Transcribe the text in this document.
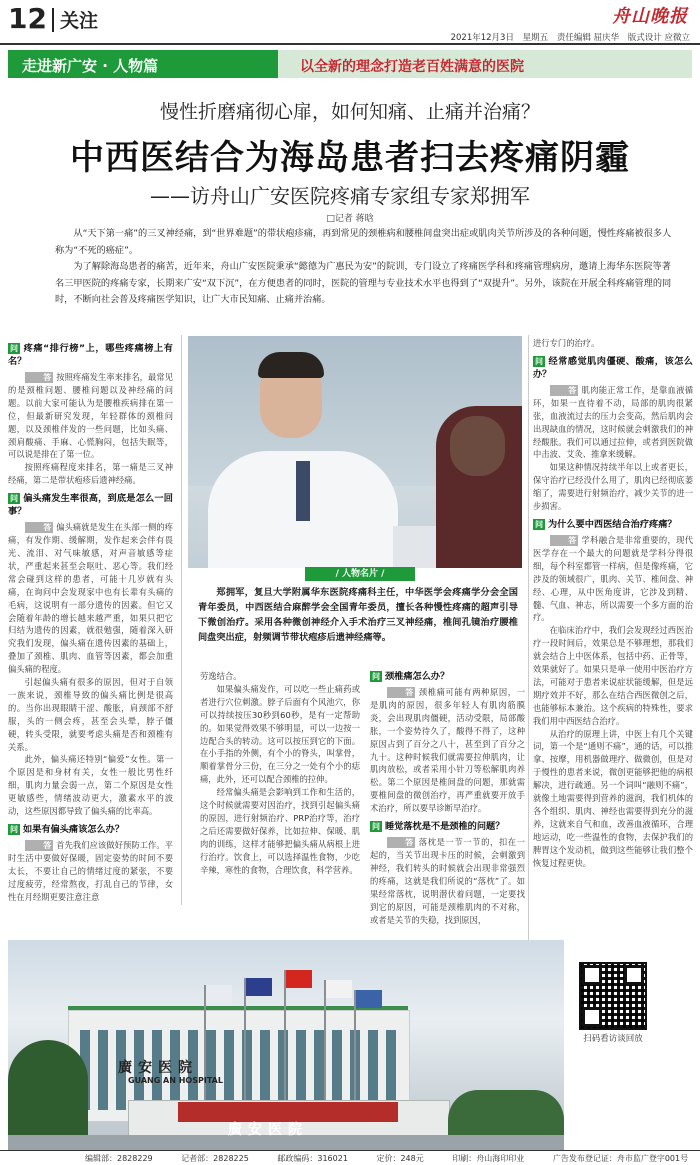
12 关注	舟山晚报
2021年12月3日 星期五 责任编辑 屈庆华 版式设计 应微立
走进新广安 · 人物篇	以全新的理念打造老百姓满意的医院
慢性折磨痛彻心扉，如何知痛、止痛并治痛？
中西医结合为海岛患者扫去疼痛阴霾
——访舟山广安医院疼痛专家组专家郑拥军
□记者 蒋晗

从“天下第一痛”的三叉神经痛，到“世界难题”的带状疱疹痛，再到常见的颈椎病和腰椎间盘突出症或肌肉关节所涉及的各种问题，慢性疼痛被很多人称为“不死的癌症”。

为了解除海岛患者的痛苦，近年来，舟山广安医院秉承“懿德为广惠民为安”的院训，专门设立了疼痛医学科和疼痛管理病房，邀请上海华东医院等著名三甲医院的疼痛专家，长期来广安“双下沉”，在方便患者的同时，医院的管理与专业技术水平也得到了“双提升”。另外，该院在开展全科疼痛管理的同时，不断向社会普及疼痛医学知识，让广大市民知痛、止痛并治痛。

问 疼痛“排行榜”上，哪些疼痛榜上有名？

答 按照疼痛发生率来排名，最常见的是颈椎问题、腰椎问题以及神经痛的问题。以前大家可能认为是腰椎疾病排在第一位，但最新研究发现，年轻群体的颈椎问题，以及颈椎伴发的一些问题，比如头痛、颈肩酸痛、手麻、心慌胸闷，包括失眠等，可以说是排在了第一位。

按照疼痛程度来排名，第一痛是三叉神经痛，第二是带状疱疹后遗神经痛。

问 偏头痛发生率很高，到底是怎么一回事？

答 偏头痛就是发生在头部一侧的疼痛，有发作期、缓解期，发作起来会伴有畏光、流泪、对气味敏感，对声音敏感等症状，严重起来甚至会呕吐、恶心等。我们经常会碰到这样的患者，可能十几岁就有头痛，在询问中会发现家中也有长辈有头痛的毛病，这说明有一部分遗传的因素。但它又会随着年龄的增长越来越严重，如果只把它归结为遗传的因素，就很勉强，随着深入研究我们发现，偏头痛在遗传因素的基础上，叠加了颈椎、肌肉、血管等因素，都会加重偏头痛的程度。

引起偏头痛有很多的原因，但对于自领一族来说，颈椎导致的偏头痛比例是很高的。当你出现眼睛干涩、酸胀，肩颈部不舒服，头的一侧会疼，甚至会头晕，脖子僵硬，转头受限，就要考虑头痛是否和颈椎有关系。

此外，偏头痛还特别“偏爱”女性。第一个原因是和身材有关，女性一般比男性纤细，肌肉力量会弱一点，第二个原因是女性更敏感些，情绪波动更大，激素水平的波动，这些原因都导致了偏头痛的比率高。

问 如果有偏头痛该怎么办？

答 首先我们应该做好预防工作。平时生活中要做好保暖，固定姿势的时间不要太长，不要让自己的情绪过度的紧张，不要过度疲劳，经常熬夜，打乱自己的节律，女性在月经期更要注意注意

/ 人物名片 /

郑拥军，复旦大学附属华东医院疼痛科主任，中华医学会疼痛学分会全国青年委员，中西医结合麻醉学会全国青年委员，擅长各种慢性疼痛的超声引导下微创治疗。采用各种微创神经介入手术治疗三叉神经痛，椎间孔镜治疗腰椎间盘突出症，射频调节带状疱疹后遗神经痛等。

劳逸结合。

如果偏头痛发作，可以吃一些止痛药或者进行穴位刺激。脖子后面有个风池穴，你可以持续按压30秒到60秒，是有一定帮助的。如果觉得效果不够明显，可以一边按一边配合头的转动。这可以按压到它的下面。在小手指的外侧，有个小的脊头，叫掌骨，顺着掌骨分三份，在三分之一处有个小的痣痛，此外，还可以配合颈椎的拉伸。

经常偏头痛是会影响到工作和生活的，这个时候就需要对因治疗，找到引起偏头痛的原因，进行射频治疗、PRP治疗等，治疗之后还需要做好保养，比如拉伸、保暖、肌肉的训练，这样才能够把偏头痛从病根上进行治疗。饮食上，可以选择温性食物，少吃辛辣，寒性的食物，合理饮食，科学营养。

问 颈椎痛怎么办？

答 颈椎痛可能有两种原因，一是肌肉的原因，很多年轻人有肌肉筋膜炎，会出现肌肉僵硬，活动受限，局部酸胀，一个姿势待久了，酸得不得了，这种原因占到了百分之八十，甚至到了百分之九十。这种时候我们就需要拉伸肌肉，让肌肉放松，或者采用小针刀等松解肌肉养松。第二个原因是椎间盘的问题，那就需要椎间盘的微创治疗，再严重就要开放手术治疗，所以要早诊断早治疗。

问 睡觉落枕是不是颈椎的问题？

答 落枕是一节一节的，扣在一起的，当关节出现卡压的时候，会刺激到神经，我们转头的时候就会出现非常强烈的疼痛，这就是我们所说的“落枕”了。如果经常落枕，说明潜伏着问题，一定要找到它的原因，可能是颈椎肌肉的不对称，或者是关节的失稳，找到原因，

进行专门的治疗。

问 经常感觉肌肉僵硬、酸痛，该怎么办？

答 肌肉能正常工作，是靠血液循环，如果一直待着不动，局部的肌肉很紧张，血液流过去的压力会变高，然后肌肉会出现缺血的情况，这时候就会刺激我们的神经酸胀。我们可以通过拉伸，或者到医院做中击波、艾灸、推拿来缓解。

如果这种情况持续半年以上或者更长，保守治疗已经没什么用了，肌肉已经彻底萎缩了，需要进行射频治疗，减少关节的进一步损害。

问 为什么要中西医结合治疗疼痛？

答 学科融合是非常重要的，现代医学存在一个最大的问题就是学科分得很细，每个科室都管一样病，但是像疼痛，它涉及的领域很广，肌肉、关节、椎间盘、神经、心理，从中医角度讲，它涉及到精、髓、气血、神志，所以需要一个多方面的治疗。

在临床治疗中，我们会发现经过西医治疗一段时间后，效果总是不够理想，那我们就会结合上中医体系，包括中药、正骨等，效果就好了。如果只是单一使用中医治疗方法，可能对于患者来说症状能缓解，但是远期疗效并不好，那么在结合西医微创之后，也能够标本兼治。这个疾病的特殊性，要求我们用中西医结合治疗。

从治疗的原理上讲，中医上有几个关键词，第一个是“通则不痛”，通的话，可以推拿、按摩，用机器做理疗、做微创，但是对于慢性的患者来说，微创更能够把他的病根解决，进行疏通。另一个词叫“融则不痛”，就像土地需要得到营养的滋润，我们机体的各个组织、肌肉、神经也需要得到充分的滋养，这就来自气和血，改善血液循环，合理地运动，吃一些温性的食物，去保护我们的脾胃这个发动机，做到这些能够让我们整个恢复过程更快。

廣安医院
GUANG AN HOSPITAL
廣安医院
扫码看访谈回放
编辑部：2828229	记者部：2828225	邮政编码：316021	定价：248元	印刷：舟山海印印业	广告发布登记证：舟市监广登字001号
